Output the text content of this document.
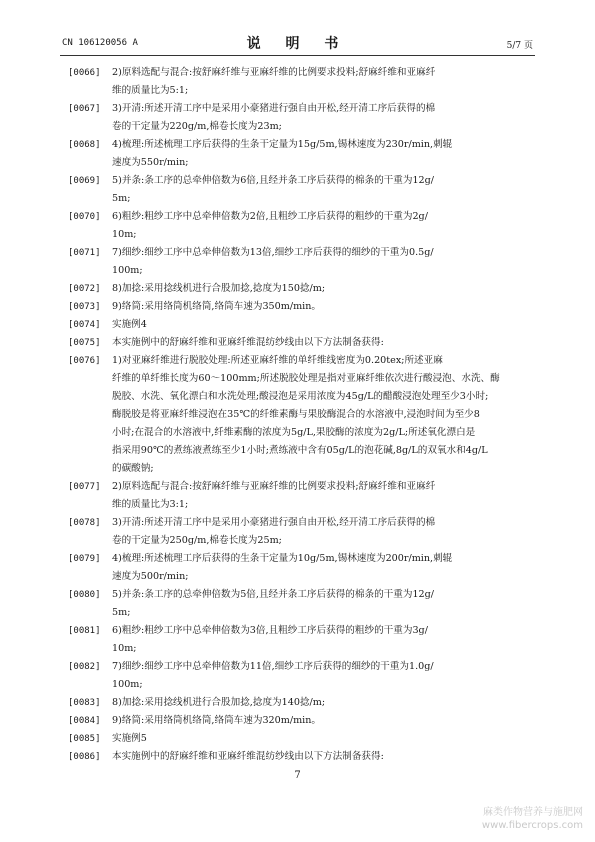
CN 106120056 A	说 明 书	5/7 页
[0066] 2)原料选配与混合:按舒麻纤维与亚麻纤维的比例要求投料;舒麻纤维和亚麻纤
维的质量比为5:1;
[0067] 3)开清:所述开清工序中是采用小豪猪进行强自由开松,经开清工序后获得的棉
卷的干定量为220g/m,棉卷长度为23m;
[0068] 4)梳理:所述梳理工序后获得的生条干定量为15g/5m,锡林速度为230r/min,刺辊
速度为550r/min;
[0069] 5)并条:条工序的总牵伸倍数为6倍,且经并条工序后获得的棉条的干重为12g/
5m;
[0070] 6)粗纱:粗纱工序中总牵伸倍数为2倍,且粗纱工序后获得的粗纱的干重为2g/
10m;
[0071] 7)细纱:细纱工序中总牵伸倍数为13倍,细纱工序后获得的细纱的干重为0.5g/
100m;
[0072] 8)加捻:采用捻线机进行合股加捻,捻度为150捻/m;
[0073] 9)络筒:采用络筒机络筒,络筒车速为350m/min。
[0074] 实施例4
[0075] 本实施例中的舒麻纤维和亚麻纤维混纺纱线由以下方法制备获得:
[0076] 1)对亚麻纤维进行脱胶处理:所述亚麻纤维的单纤维线密度为0.20tex;所述亚麻
纤维的单纤维长度为60～100mm;所述脱胶处理是指对亚麻纤维依次进行酸浸泡、水洗、酶
脱胶、水洗、氧化漂白和水洗处理;酸浸泡是采用浓度为45g/L的醋酸浸泡处理至少3小时;
酶脱胶是将亚麻纤维浸泡在35℃的纤维素酶与果胶酶混合的水溶液中,浸泡时间为至少8
小时;在混合的水溶液中,纤维素酶的浓度为5g/L,果胶酶的浓度为2g/L;所述氧化漂白是
指采用90℃的煮练液煮练至少1小时;煮练液中含有05g/L的泡花碱,8g/L的双氧水和4g/L
的碳酸钠;
[0077] 2)原料选配与混合:按舒麻纤维与亚麻纤维的比例要求投料;舒麻纤维和亚麻纤
维的质量比为3:1;
[0078] 3)开清:所述开清工序中是采用小豪猪进行强自由开松,经开清工序后获得的棉
卷的干定量为250g/m,棉卷长度为25m;
[0079] 4)梳理:所述梳理工序后获得的生条干定量为10g/5m,锡林速度为200r/min,刺辊
速度为500r/min;
[0080] 5)并条:条工序的总牵伸倍数为5倍,且经并条工序后获得的棉条的干重为12g/
5m;
[0081] 6)粗纱:粗纱工序中总牵伸倍数为3倍,且粗纱工序后获得的粗纱的干重为3g/
10m;
[0082] 7)细纱:细纱工序中总牵伸倍数为11倍,细纱工序后获得的细纱的干重为1.0g/
100m;
[0083] 8)加捻:采用捻线机进行合股加捻,捻度为140捻/m;
[0084] 9)络筒:采用络筒机络筒,络筒车速为320m/min。
[0085] 实施例5
[0086] 本实施例中的舒麻纤维和亚麻纤维混纺纱线由以下方法制备获得:
7
麻类作物营养与施肥网
www.fibercrops.com
